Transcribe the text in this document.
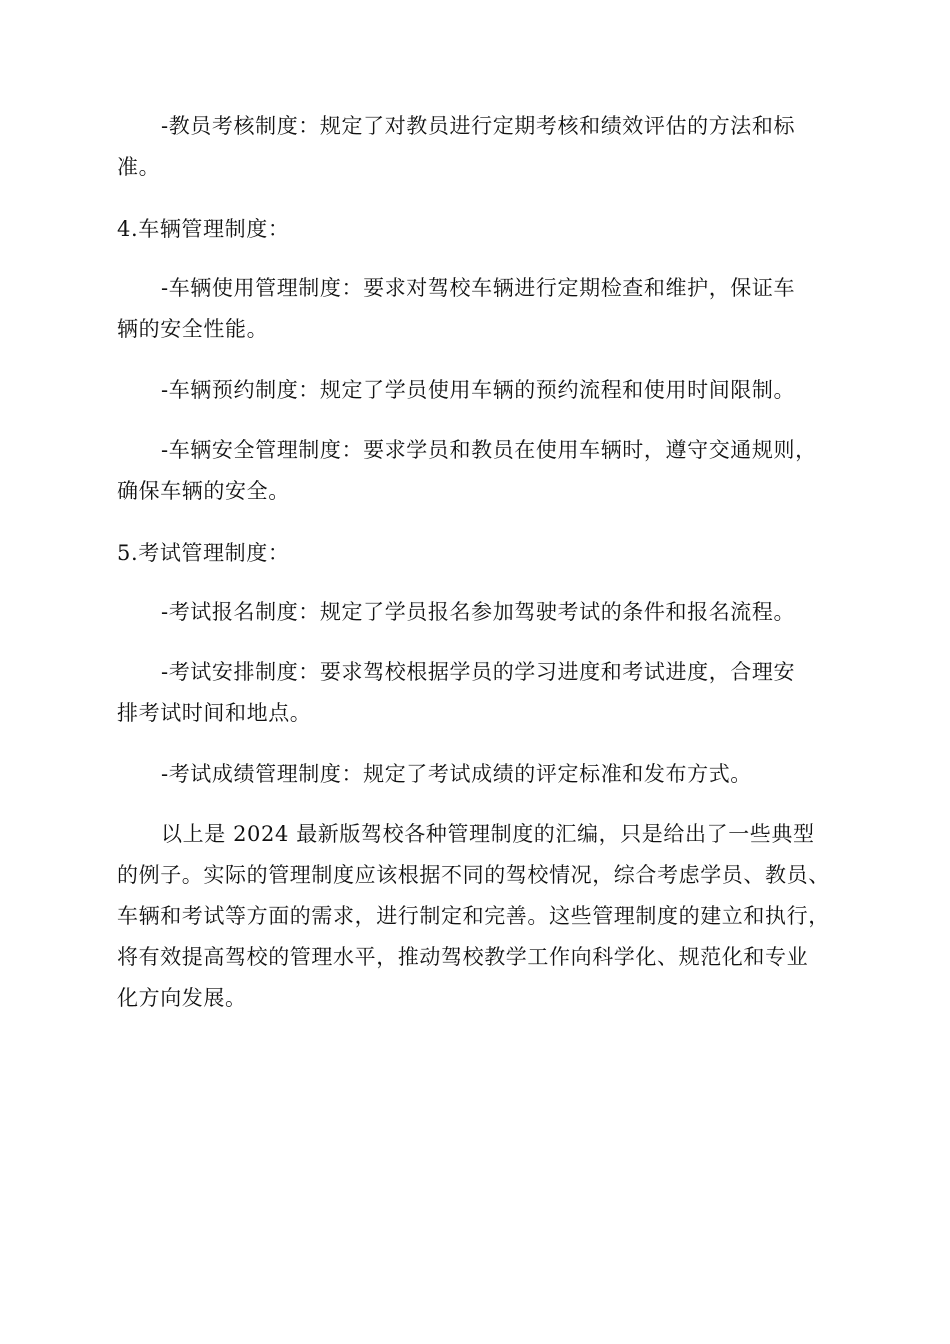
-教员考核制度：规定了对教员进行定期考核和绩效评估的方法和标
准。
4.车辆管理制度：
-车辆使用管理制度：要求对驾校车辆进行定期检查和维护，保证车
辆的安全性能。
-车辆预约制度：规定了学员使用车辆的预约流程和使用时间限制。
-车辆安全管理制度：要求学员和教员在使用车辆时，遵守交通规则，
确保车辆的安全。
5.考试管理制度：
-考试报名制度：规定了学员报名参加驾驶考试的条件和报名流程。
-考试安排制度：要求驾校根据学员的学习进度和考试进度，合理安
排考试时间和地点。
-考试成绩管理制度：规定了考试成绩的评定标准和发布方式。
以上是 2024 最新版驾校各种管理制度的汇编，只是给出了一些典型
的例子。实际的管理制度应该根据不同的驾校情况，综合考虑学员、教员、
车辆和考试等方面的需求，进行制定和完善。这些管理制度的建立和执行，
将有效提高驾校的管理水平，推动驾校教学工作向科学化、规范化和专业
化方向发展。
